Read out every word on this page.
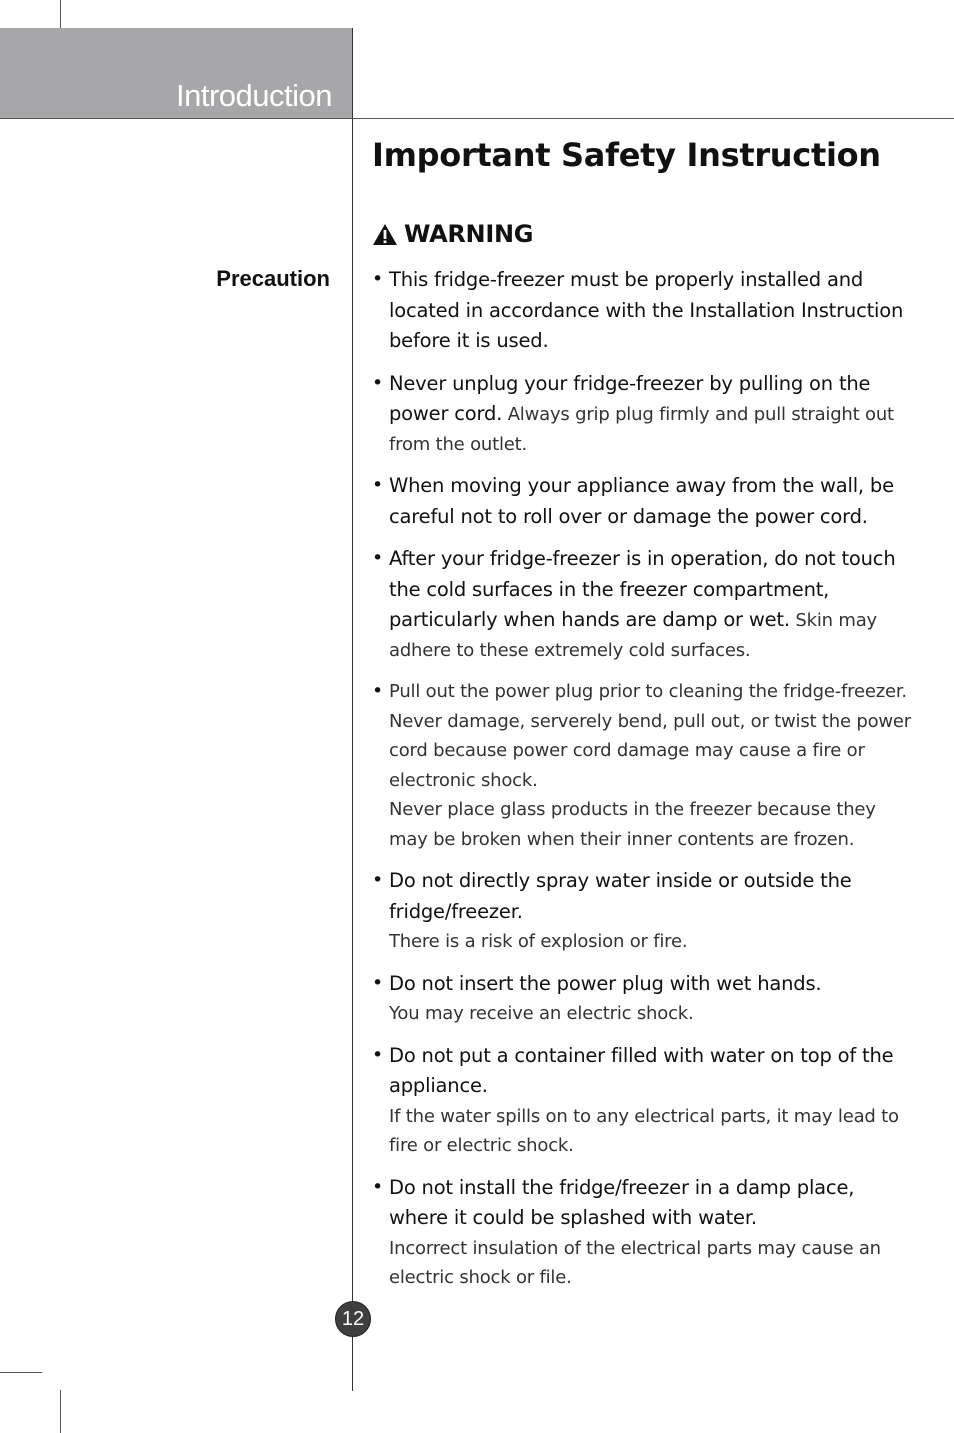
Introduction
Important Safety Instruction
WARNING
Precaution • This fridge-freezer must be properly installed and located in accordance with the Installation Instruction before it is used.
• Never unplug your fridge-freezer by pulling on the power cord. Always grip plug firmly and pull straight out from the outlet.
• When moving your appliance away from the wall, be careful not to roll over or damage the power cord.
• After your fridge-freezer is in operation, do not touch the cold surfaces in the freezer compartment, particularly when hands are damp or wet. Skin may adhere to these extremely cold surfaces.
• Pull out the power plug prior to cleaning the fridge-freezer.
Never damage, serverely bend, pull out, or twist the power cord because power cord damage may cause a fire or electronic shock.
Never place glass products in the freezer because they may be broken when their inner contents are frozen.
• Do not directly spray water inside or outside the fridge/freezer.
There is a risk of explosion or fire.
• Do not insert the power plug with wet hands.
You may receive an electric shock.
• Do not put a container filled with water on top of the appliance.
If the water spills on to any electrical parts, it may lead to fire or electric shock.
• Do not install the fridge/freezer in a damp place, where it could be splashed with water.
Incorrect insulation of the electrical parts may cause an electric shock or file.
12
